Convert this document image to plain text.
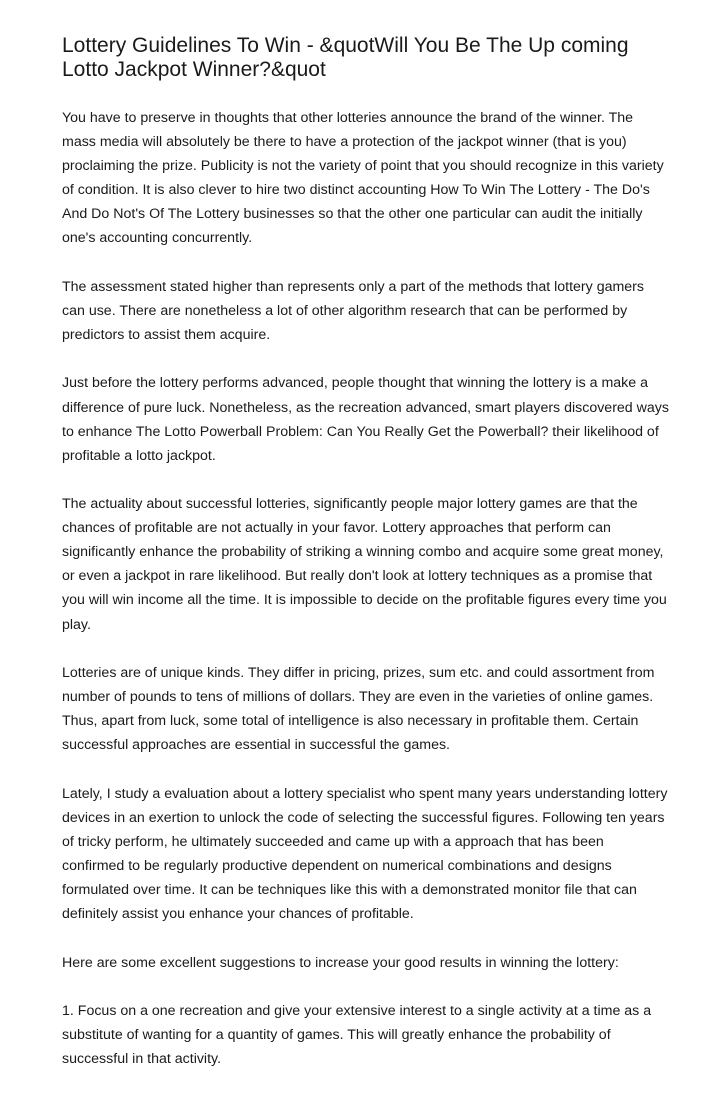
Lottery Guidelines To Win - &quotWill You Be The Up coming Lotto Jackpot Winner?&quot

You have to preserve in thoughts that other lotteries announce the brand of the winner. The mass media will absolutely be there to have a protection of the jackpot winner (that is you) proclaiming the prize. Publicity is not the variety of point that you should recognize in this variety of condition. It is also clever to hire two distinct accounting How To Win The Lottery - The Do's And Do Not's Of The Lottery businesses so that the other one particular can audit the initially one's accounting concurrently.

The assessment stated higher than represents only a part of the methods that lottery gamers can use. There are nonetheless a lot of other algorithm research that can be performed by predictors to assist them acquire.

Just before the lottery performs advanced, people thought that winning the lottery is a make a difference of pure luck. Nonetheless, as the recreation advanced, smart players discovered ways to enhance The Lotto Powerball Problem: Can You Really Get the Powerball? their likelihood of profitable a lotto jackpot.

The actuality about successful lotteries, significantly people major lottery games are that the chances of profitable are not actually in your favor. Lottery approaches that perform can significantly enhance the probability of striking a winning combo and acquire some great money, or even a jackpot in rare likelihood. But really don't look at lottery techniques as a promise that you will win income all the time. It is impossible to decide on the profitable figures every time you play.

Lotteries are of unique kinds. They differ in pricing, prizes, sum etc. and could assortment from number of pounds to tens of millions of dollars. They are even in the varieties of online games. Thus, apart from luck, some total of intelligence is also necessary in profitable them. Certain successful approaches are essential in successful the games.

Lately, I study a evaluation about a lottery specialist who spent many years understanding lottery devices in an exertion to unlock the code of selecting the successful figures. Following ten years of tricky perform, he ultimately succeeded and came up with a approach that has been confirmed to be regularly productive dependent on numerical combinations and designs formulated over time. It can be techniques like this with a demonstrated monitor file that can definitely assist you enhance your chances of profitable.

Here are some excellent suggestions to increase your good results in winning the lottery:

1. Focus on a one recreation and give your extensive interest to a single activity at a time as a substitute of wanting for a quantity of games. This will greatly enhance the probability of successful in that activity.
